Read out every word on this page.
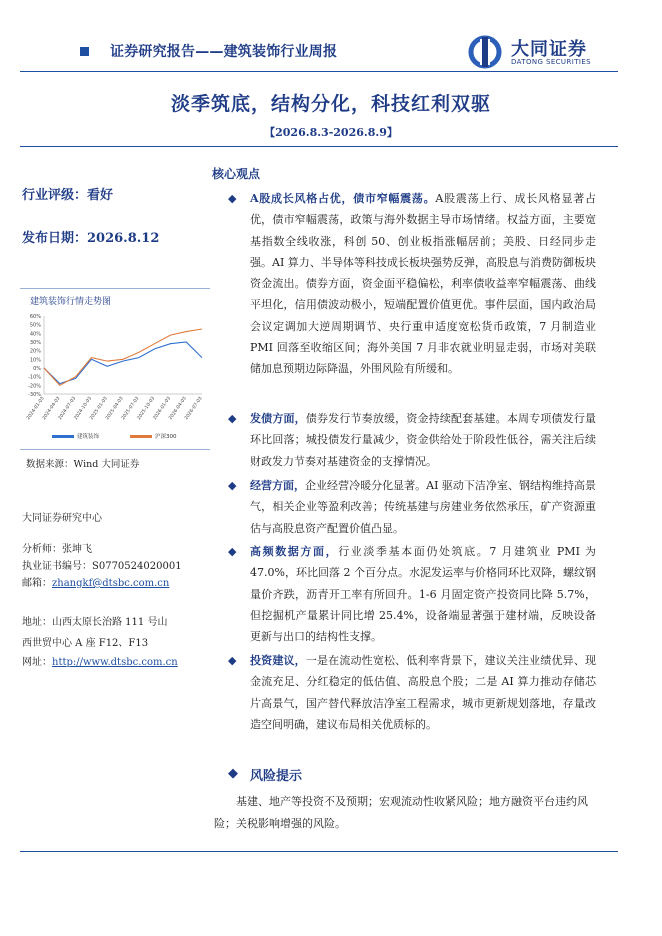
证券研究报告——建筑装饰行业周报	大同证券
DATONG SECURITIES
淡季筑底，结构分化，科技红利双驱
【2026.8.3-2026.8.9】
行业评级：看好
发布日期：2026.8.12
建筑装饰行情走势图
60%
50%
40%
30%
20%
10%
0%
-10%
-20%
-30%
2024-01-03
2024-04-03
2024-07-03
2024-10-03
2025-01-03
2025-04-03
2025-07-03
2025-10-03
2026-01-03
2026-04-03
2026-07-03
建筑装饰	沪深300
数据来源：Wind 大同证券
大同证券研究中心
分析师：张坤飞
执业证书编号：S0770524020001
邮箱：zhangkf@dtsbc.com.cn
地址：山西太原长治路 111 号山
西世贸中心 A 座 F12、F13
网址：http://www.dtsbc.com.cn
核心观点
◆ A股成长风格占优，债市窄幅震荡。A股震荡上行、成长风格显著占优，债市窄幅震荡，政策与海外数据主导市场情绪。权益方面，主要宽基指数全线收涨，科创 50、创业板指涨幅居前；美股、日经同步走强。AI 算力、半导体等科技成长板块强势反弹，高股息与消费防御板块资金流出。债券方面，资金面平稳偏松，利率债收益率窄幅震荡、曲线平坦化，信用债波动极小，短端配置价值更优。事件层面，国内政治局会议定调加大逆周期调节、央行重申适度宽松货币政策，7 月制造业 PMI 回落至收缩区间；海外美国 7 月非农就业明显走弱，市场对美联储加息预期边际降温，外围风险有所缓和。
◆ 发债方面，债券发行节奏放缓，资金持续配套基建。本周专项债发行量环比回落；城投债发行量减少，资金供给处于阶段性低谷，需关注后续财政发力节奏对基建资金的支撑情况。
◆ 经营方面，企业经营冷暖分化显著。AI 驱动下洁净室、钢结构维持高景气，相关企业等盈利改善；传统基建与房建业务依然承压，矿产资源重估与高股息资产配置价值凸显。
◆ 高频数据方面，行业淡季基本面仍处筑底。7 月建筑业 PMI 为 47.0%，环比回落 2 个百分点。水泥发运率与价格同环比双降，螺纹钢量价齐跌，沥青开工率有所回升。1-6 月固定资产投资同比降 5.7%，但挖掘机产量累计同比增 25.4%，设备端显著强于建材端，反映设备更新与出口的结构性支撑。
◆ 投资建议，一是在流动性宽松、低利率背景下，建议关注业绩优异、现金流充足、分红稳定的低估值、高股息个股；二是 AI 算力推动存储芯片高景气，国产替代释放洁净室工程需求，城市更新规划落地，存量改造空间明确，建议布局相关优质标的。
◆ 风险提示
基建、地产等投资不及预期；宏观流动性收紧风险；地方融资平台违约风险；关税影响增强的风险。
